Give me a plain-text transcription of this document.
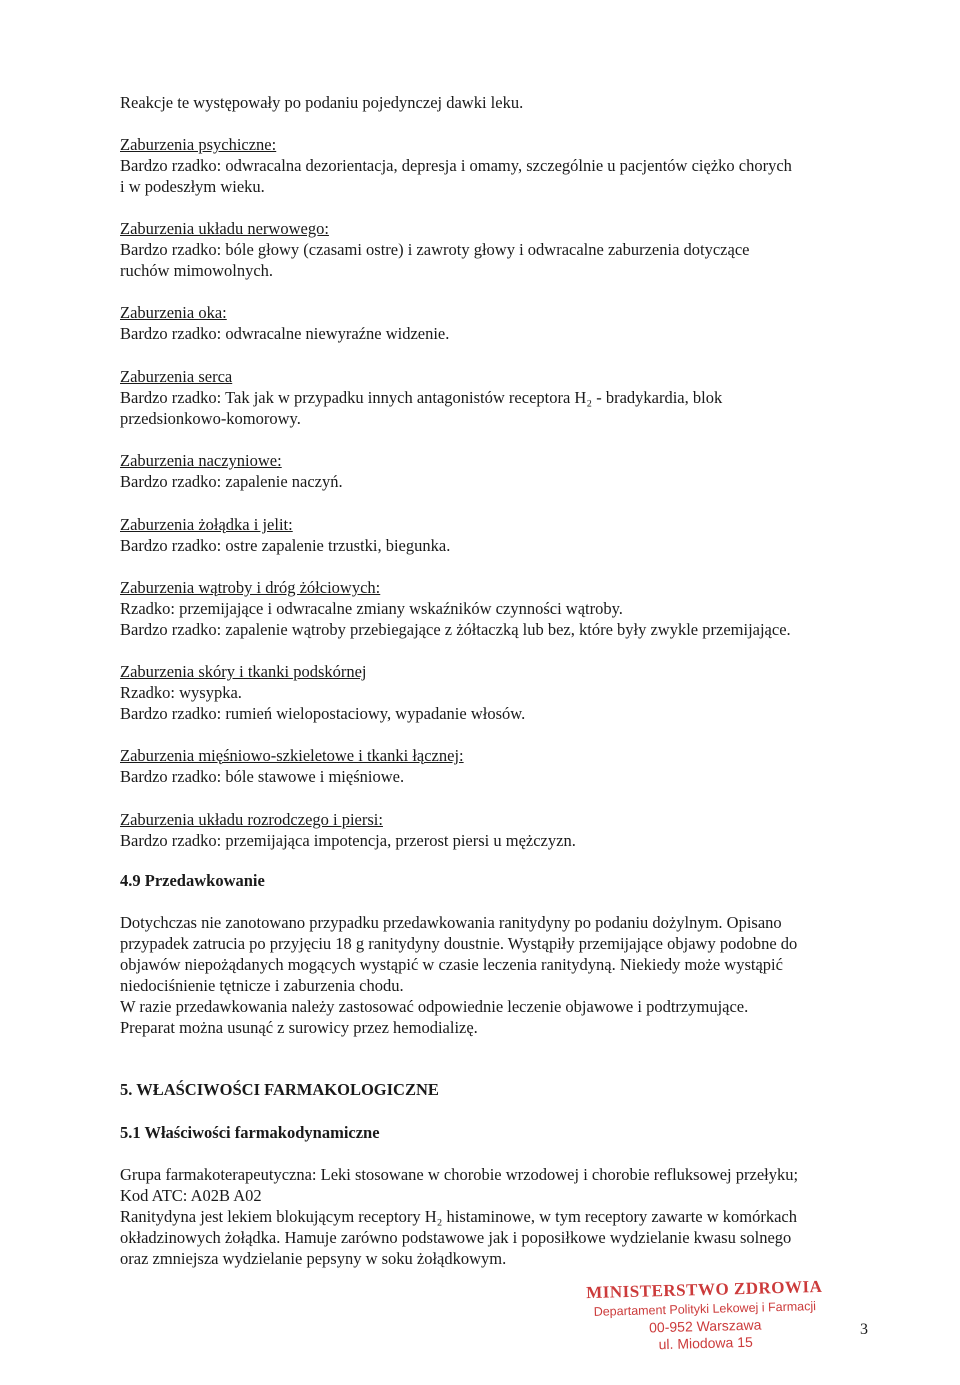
Reakcje te występowały po podaniu pojedynczej dawki leku.
Zaburzenia psychiczne:
Bardzo rzadko: odwracalna dezorientacja, depresja i omamy, szczególnie u pacjentów ciężko chorych
i w podeszłym wieku.
Zaburzenia układu nerwowego:
Bardzo rzadko: bóle głowy (czasami ostre) i zawroty głowy i odwracalne zaburzenia dotyczące
ruchów mimowolnych.
Zaburzenia oka:
Bardzo rzadko: odwracalne niewyraźne widzenie.
Zaburzenia serca
Bardzo rzadko: Tak jak w przypadku innych antagonistów receptora H₂ - bradykardia, blok
przedsionkowo-komorowy.
Zaburzenia naczyniowe:
Bardzo rzadko: zapalenie naczyń.
Zaburzenia żołądka i jelit:
Bardzo rzadko: ostre zapalenie trzustki, biegunka.
Zaburzenia wątroby i dróg żółciowych:
Rzadko: przemijające i odwracalne zmiany wskaźników czynności wątroby.
Bardzo rzadko: zapalenie wątroby przebiegające z żółtaczką lub bez, które były zwykle przemijające.
Zaburzenia skóry i tkanki podskórnej
Rzadko: wysypka.
Bardzo rzadko: rumień wielopostaciowy, wypadanie włosów.
Zaburzenia mięśniowo-szkieletowe i tkanki łącznej:
Bardzo rzadko: bóle stawowe i mięśniowe.
Zaburzenia układu rozrodczego i piersi:
Bardzo rzadko: przemijająca impotencja, przerost piersi u mężczyzn.
4.9 Przedawkowanie
Dotychczas nie zanotowano przypadku przedawkowania ranitydyny po podaniu dożylnym. Opisano
przypadek zatrucia po przyjęciu 18 g ranitydyny doustnie. Wystąpiły przemijające objawy podobne do
objawów niepożądanych mogących wystąpić w czasie leczenia ranitydyną. Niekiedy może wystąpić
niedociśnienie tętnicze i zaburzenia chodu.
W razie przedawkowania należy zastosować odpowiednie leczenie objawowe i podtrzymujące.
Preparat można usunąć z surowicy przez hemodializę.
5. WŁAŚCIWOŚCI FARMAKOLOGICZNE
5.1 Właściwości farmakodynamiczne
Grupa farmakoterapeutyczna: Leki stosowane w chorobie wrzodowej i chorobie refluksowej przełyku;
Kod ATC: A02B A02
Ranitydyna jest lekiem blokującym receptory H₂ histaminowe, w tym receptory zawarte w komórkach
okładzinowych żołądka. Hamuje zarówno podstawowe jak i poposiłkowe wydzielanie kwasu solnego
oraz zmniejsza wydzielanie pepsyny w soku żołądkowym.
MINISTERSTWO ZDROWIA
Departament Polityki Lekowej i Farmacji
00-952 Warszawa
ul. Miodowa 15
3
